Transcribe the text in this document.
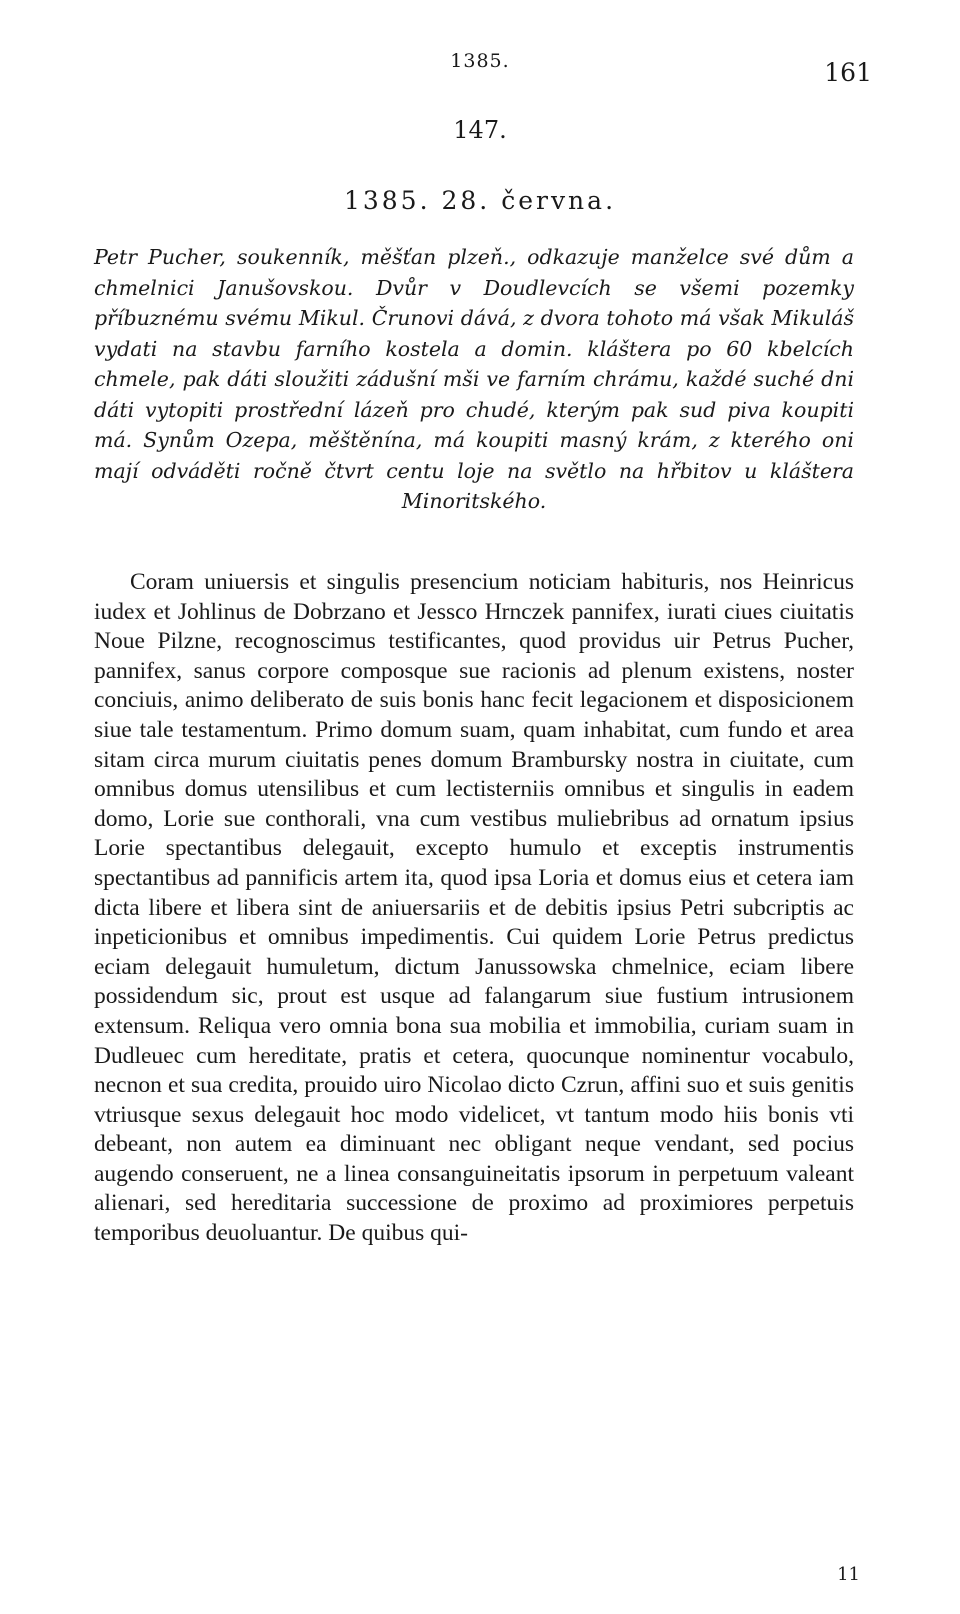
1385.	161
147.
1385. 28. června.

Petr Pucher, soukenník, měšťan plzeň., odkazuje manželce své dům a chmelnici Janušovskou. Dvůr v Doudlevcích se všemi pozemky příbuznému svému Mikul. Črunovi dává, z dvora tohoto má však Mikuláš vydati na stavbu farního kostela a domin. kláštera po 60 kbelcích chmele, pak dáti sloužiti zádušní mši ve farním chrámu, každé suché dni dáti vytopiti prostřední lázeň pro chudé, kterým pak sud piva koupiti má. Synům Ozepa, měštěnína, má koupiti masný krám, z kterého oni mají odváděti ročně čtvrt centu loje na světlo na hřbitov u kláštera Minoritského.

Coram uniuersis et singulis presencium noticiam habituris, nos Heinricus iudex et Johlinus de Dobrzano et Jessco Hrnczek pannifex, iurati ciues ciuitatis Noue Pilzne, recognoscimus testificantes, quod providus uir Petrus Pucher, pannifex, sanus corpore composque sue racionis ad plenum existens, noster conciuis, animo deliberato de suis bonis hanc fecit legacionem et disposicionem siue tale testamentum. Primo domum suam, quam inhabitat, cum fundo et area sitam circa murum ciuitatis penes domum Brambursky nostra in ciuitate, cum omnibus domus utensilibus et cum lectisterniis omnibus et singulis in eadem domo, Lorie sue conthorali, vna cum vestibus muliebribus ad ornatum ipsius Lorie spectantibus delegauit, excepto humulo et exceptis instrumentis spectantibus ad pannificis artem ita, quod ipsa Loria et domus eius et cetera iam dicta libere et libera sint de aniuersariis et de debitis ipsius Petri subcriptis ac inpeticionibus et omnibus impedimentis. Cui quidem Lorie Petrus predictus eciam delegauit humuletum, dictum Janussowska chmelnice, eciam libere possidendum sic, prout est usque ad falangarum siue fustium intrusionem extensum. Reliqua vero omnia bona sua mobilia et immobilia, curiam suam in Dudleuec cum hereditate, pratis et cetera, quocunque nominentur vocabulo, necnon et sua credita, prouido uiro Nicolao dicto Czrun, affini suo et suis genitis vtriusque sexus delegauit hoc modo videlicet, vt tantum modo hiis bonis vti debeant, non autem ea diminuant nec obligant neque vendant, sed pocius augendo conseruent, ne a linea consanguineitatis ipsorum in perpetuum valeant alienari, sed hereditaria successione de proximo ad proximiores perpetuis temporibus deuoluantur. De quibus qui-

11
